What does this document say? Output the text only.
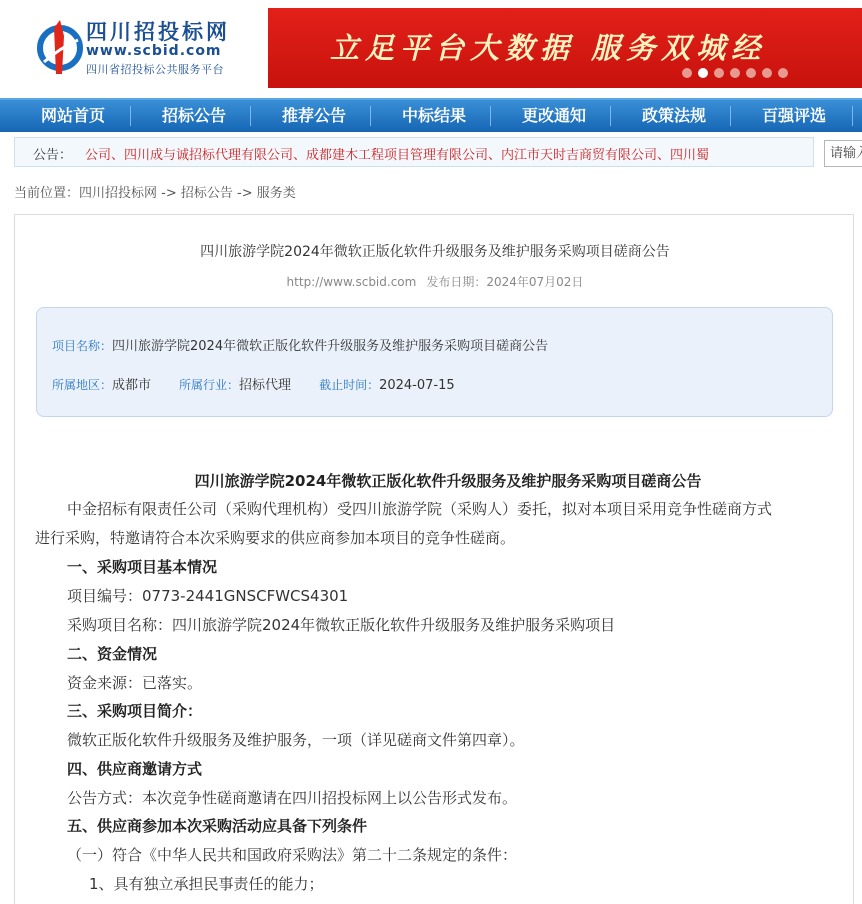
四川招投标网
www.scbid.com
四川省招投标公共服务平台
立足平台大数据 服务双城经
网站首页	招标公告	推荐公告	中标结果	更改通知	政策法规	百强评选
公告： 公司、四川成与诚招标代理有限公司、成都建木工程项目管理有限公司、内江市天时吉商贸有限公司、四川蜀
请输入
当前位置：四川招投标网 -> 招标公告 -> 服务类
四川旅游学院2024年微软正版化软件升级服务及维护服务采购项目磋商公告
http://www.scbid.com 发布日期：2024年07月02日
项目名称：四川旅游学院2024年微软正版化软件升级服务及维护服务采购项目磋商公告
所属地区：成都市 所属行业：招标代理 截止时间：2024-07-15
四川旅游学院2024年微软正版化软件升级服务及维护服务采购项目磋商公告
中金招标有限责任公司（采购代理机构）受四川旅游学院（采购人）委托，拟对本项目采用竞争性磋商方式
进行采购，特邀请符合本次采购要求的供应商参加本项目的竞争性磋商。
一、采购项目基本情况
项目编号：0773-2441GNSCFWCS4301
采购项目名称：四川旅游学院2024年微软正版化软件升级服务及维护服务采购项目
二、资金情况
资金来源：已落实。
三、采购项目简介：
微软正版化软件升级服务及维护服务，一项（详见磋商文件第四章）。
四、供应商邀请方式
公告方式：本次竞争性磋商邀请在四川招投标网上以公告形式发布。
五、供应商参加本次采购活动应具备下列条件
（一）符合《中华人民共和国政府采购法》第二十二条规定的条件：
1、具有独立承担民事责任的能力；
